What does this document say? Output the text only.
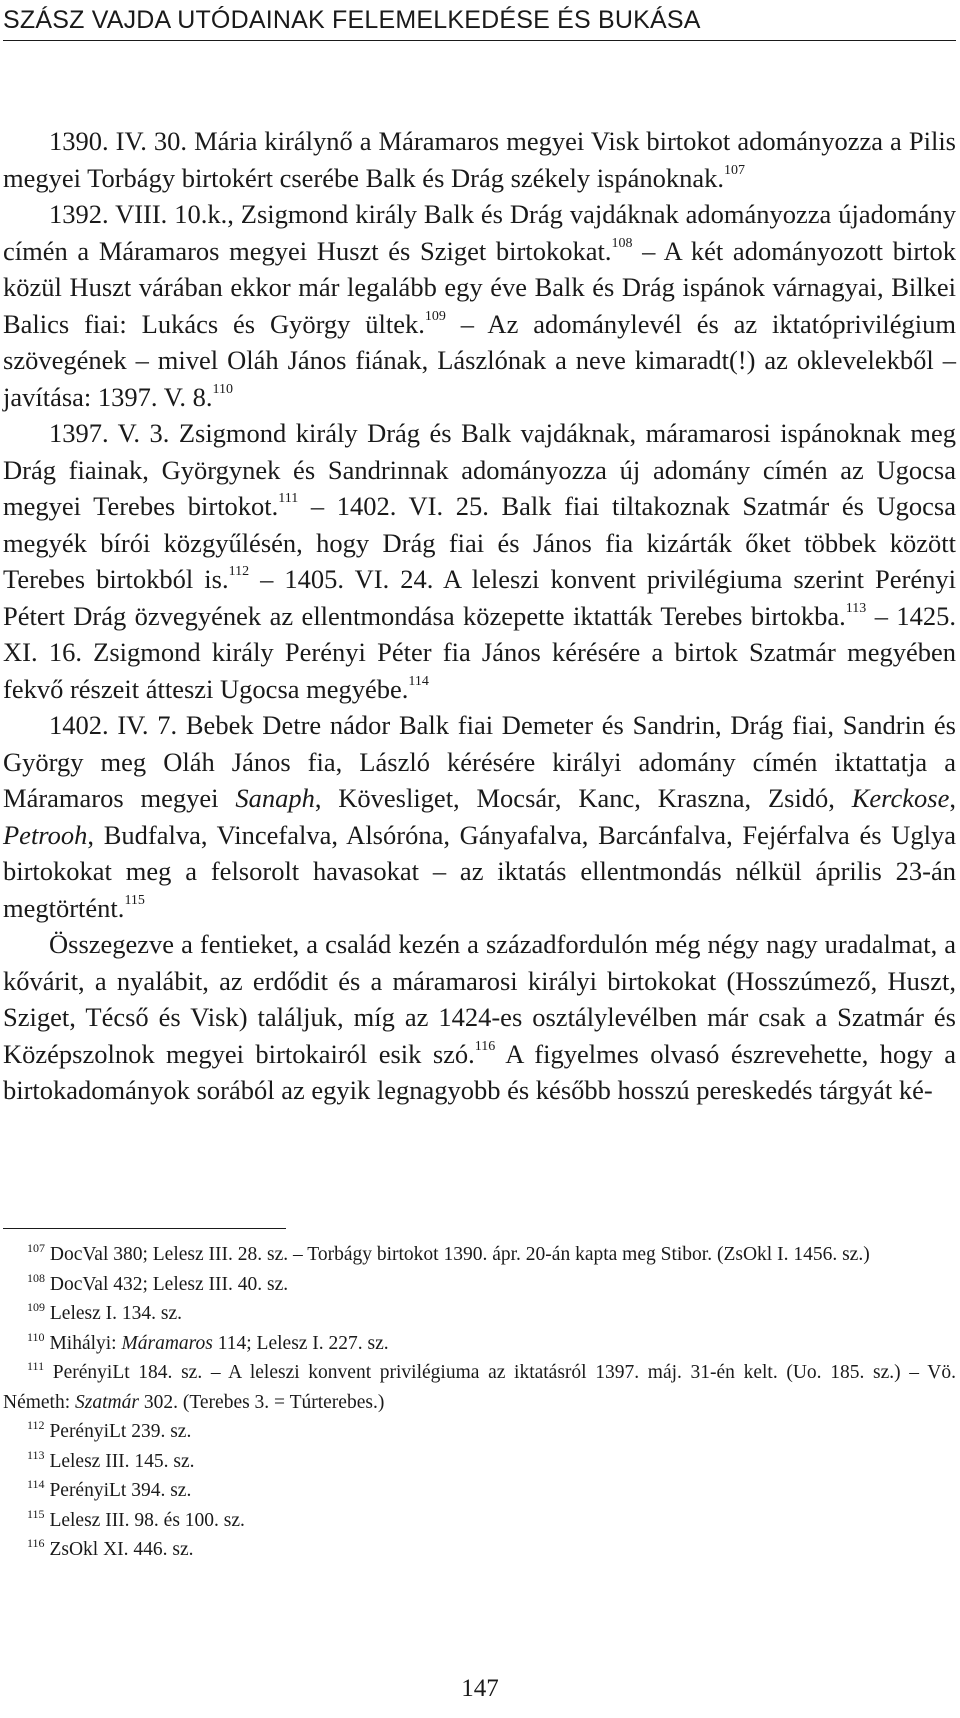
SZÁSZ VAJDA UTÓDAINAK FELEMELKEDÉSE ÉS BUKÁSA

1390. IV. 30. Mária királynő a Máramaros megyei Visk birtokot adományozza a Pilis megyei Torbágy birtokért cserébe Balk és Drág székely ispánoknak.$^{107}$

1392. VIII. 10.k., Zsigmond király Balk és Drág vajdáknak adományozza újadomány címén a Máramaros megyei Huszt és Sziget birtokokat.$^{108}$ – A két adományozott birtok közül Huszt várában ekkor már legalább egy éve Balk és Drág ispánok várnagyai, Bilkei Balics fiai: Lukács és György ültek.$^{109}$ – Az adománylevél és az iktatóprivilégium szövegének – mivel Oláh János fiának, Lászlónak a neve kimaradt(!) az oklevelekből – javítása: 1397. V. 8.$^{110}$

1397. V. 3. Zsigmond király Drág és Balk vajdáknak, máramarosi ispánoknak meg Drág fiainak, Györgynek és Sandrinnak adományozza új adomány címén az Ugocsa megyei Terebes birtokot.$^{111}$ – 1402. VI. 25. Balk fiai tiltakoznak Szatmár és Ugocsa megyék bírói közgyűlésén, hogy Drág fiai és János fia kizárták őket többek között Terebes birtokból is.$^{112}$ – 1405. VI. 24. A leleszi konvent privilégiuma szerint Perényi Pétert Drág özvegyének az ellentmondása közepette iktatták Terebes birtokba.$^{113}$ – 1425. XI. 16. Zsigmond király Perényi Péter fia János kérésére a birtok Szatmár megyében fekvő részeit átteszi Ugocsa megyébe.$^{114}$

1402. IV. 7. Bebek Detre nádor Balk fiai Demeter és Sandrin, Drág fiai, Sandrin és György meg Oláh János fia, László kérésére királyi adomány címén iktattatja a Máramaros megyei Sanaph, Kövesliget, Mocsár, Kanc, Kraszna, Zsidó, Kerckose, Petrooh, Budfalva, Vincefalva, Alsóróna, Gányafalva, Barcánfalva, Fejérfalva és Uglya birtokokat meg a felsorolt havasokat – az iktatás ellentmondás nélkül április 23-án megtörtént.$^{115}$

Összegezve a fentieket, a család kezén a századfordulón még négy nagy uradalmat, a kővárit, a nyalábit, az erdődit és a máramarosi királyi birtokokat (Hosszúmező, Huszt, Sziget, Técső és Visk) találjuk, míg az 1424-es osztálylevélben már csak a Szatmár és Középszolnok megyei birtokairól esik szó.$^{116}$ A figyelmes olvasó észrevehette, hogy a birtokadományok sorából az egyik legnagyobb és később hosszú pereskedés tárgyát ké-

$^{107}$ DocVal 380; Lelesz III. 28. sz. – Torbágy birtokot 1390. ápr. 20-án kapta meg Stibor. (ZsOkl I. 1456. sz.)

$^{108}$ DocVal 432; Lelesz III. 40. sz.

$^{109}$ Lelesz I. 134. sz.

$^{110}$ Mihályi: Máramaros 114; Lelesz I. 227. sz.

$^{111}$ PerényiLt 184. sz. – A leleszi konvent privilégiuma az iktatásról 1397. máj. 31-én kelt. (Uo. 185. sz.) – Vö. Németh: Szatmár 302. (Terebes 3. = Túrterebes.)

$^{112}$ PerényiLt 239. sz.

$^{113}$ Lelesz III. 145. sz.

$^{114}$ PerényiLt 394. sz.

$^{115}$ Lelesz III. 98. és 100. sz.

$^{116}$ ZsOkl XI. 446. sz.

147
